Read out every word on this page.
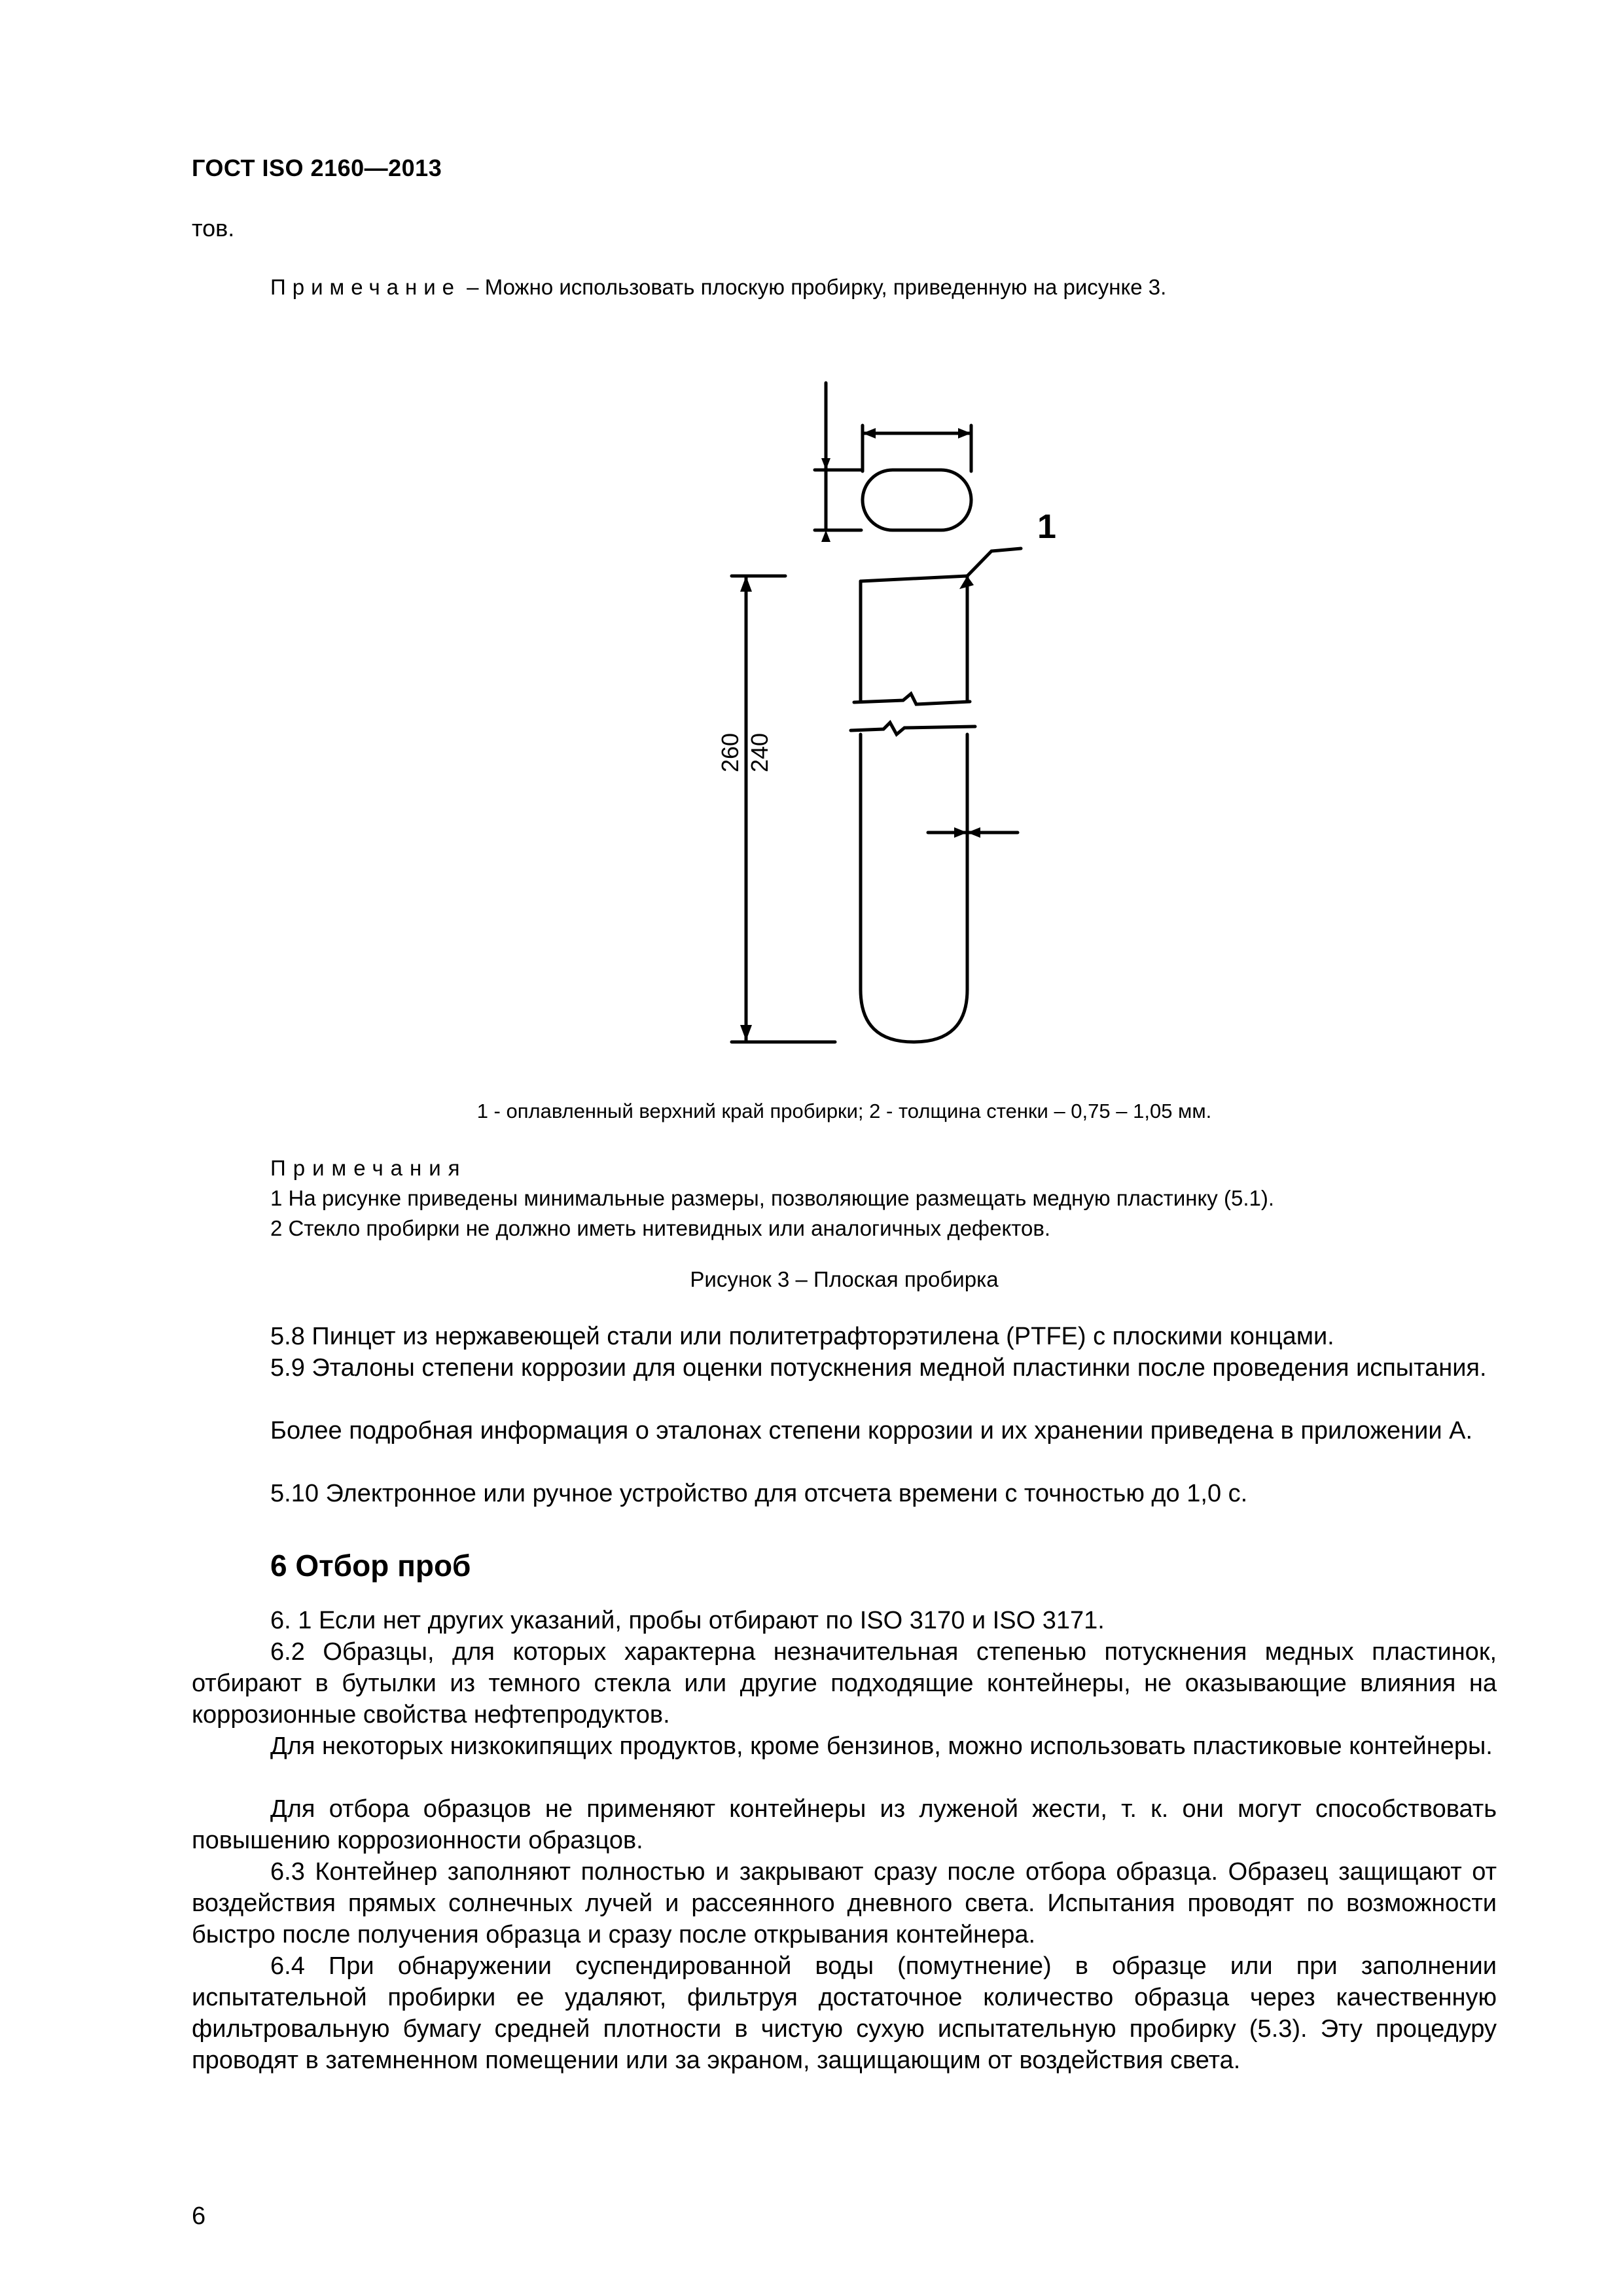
ГОСТ ISO 2160—2013
тов.
Примечание – Можно использовать плоскую пробирку, приведенную на рисунке 3.
1
260 240
1 - оплавленный верхний край пробирки; 2 - толщина стенки – 0,75 – 1,05 мм.
Примечания
1 На рисунке приведены минимальные размеры, позволяющие размещать медную пластинку (5.1).
2 Стекло пробирки не должно иметь нитевидных или аналогичных дефектов.
Рисунок 3 – Плоская пробирка

5.8 Пинцет из нержавеющей стали или политетрафторэтилена (PTFE) с плоскими концами.

5.9 Эталоны степени коррозии для оценки потускнения медной пластинки после проведения испытания.

Более подробная информация о эталонах степени коррозии и их хранении приведена в приложении А.

5.10 Электронное или ручное устройство для отсчета времени с точностью до 1,0 с.

6 Отбор проб

6. 1 Если нет других указаний, пробы отбирают по ISO 3170 и ISO 3171.

6.2 Образцы, для которых характерна незначительная степенью потускнения медных пластинок, отбирают в бутылки из темного стекла или другие подходящие контейнеры, не оказывающие влияния на коррозионные свойства нефтепродуктов.

Для некоторых низкокипящих продуктов, кроме бензинов, можно использовать пластиковые контейнеры.

Для отбора образцов не применяют контейнеры из луженой жести, т. к. они могут способствовать повышению коррозионности образцов.

6.3 Контейнер заполняют полностью и закрывают сразу после отбора образца. Образец защищают от воздействия прямых солнечных лучей и рассеянного дневного света. Испытания проводят по возможности быстро после получения образца и сразу после открывания контейнера.

6.4 При обнаружении суспендированной воды (помутнение) в образце или при заполнении испытательной пробирки ее удаляют, фильтруя достаточное количество образца через качественную фильтровальную бумагу средней плотности в чистую сухую испытательную пробирку (5.3). Эту процедуру проводят в затемненном помещении или за экраном, защищающим от воздействия света.

6
